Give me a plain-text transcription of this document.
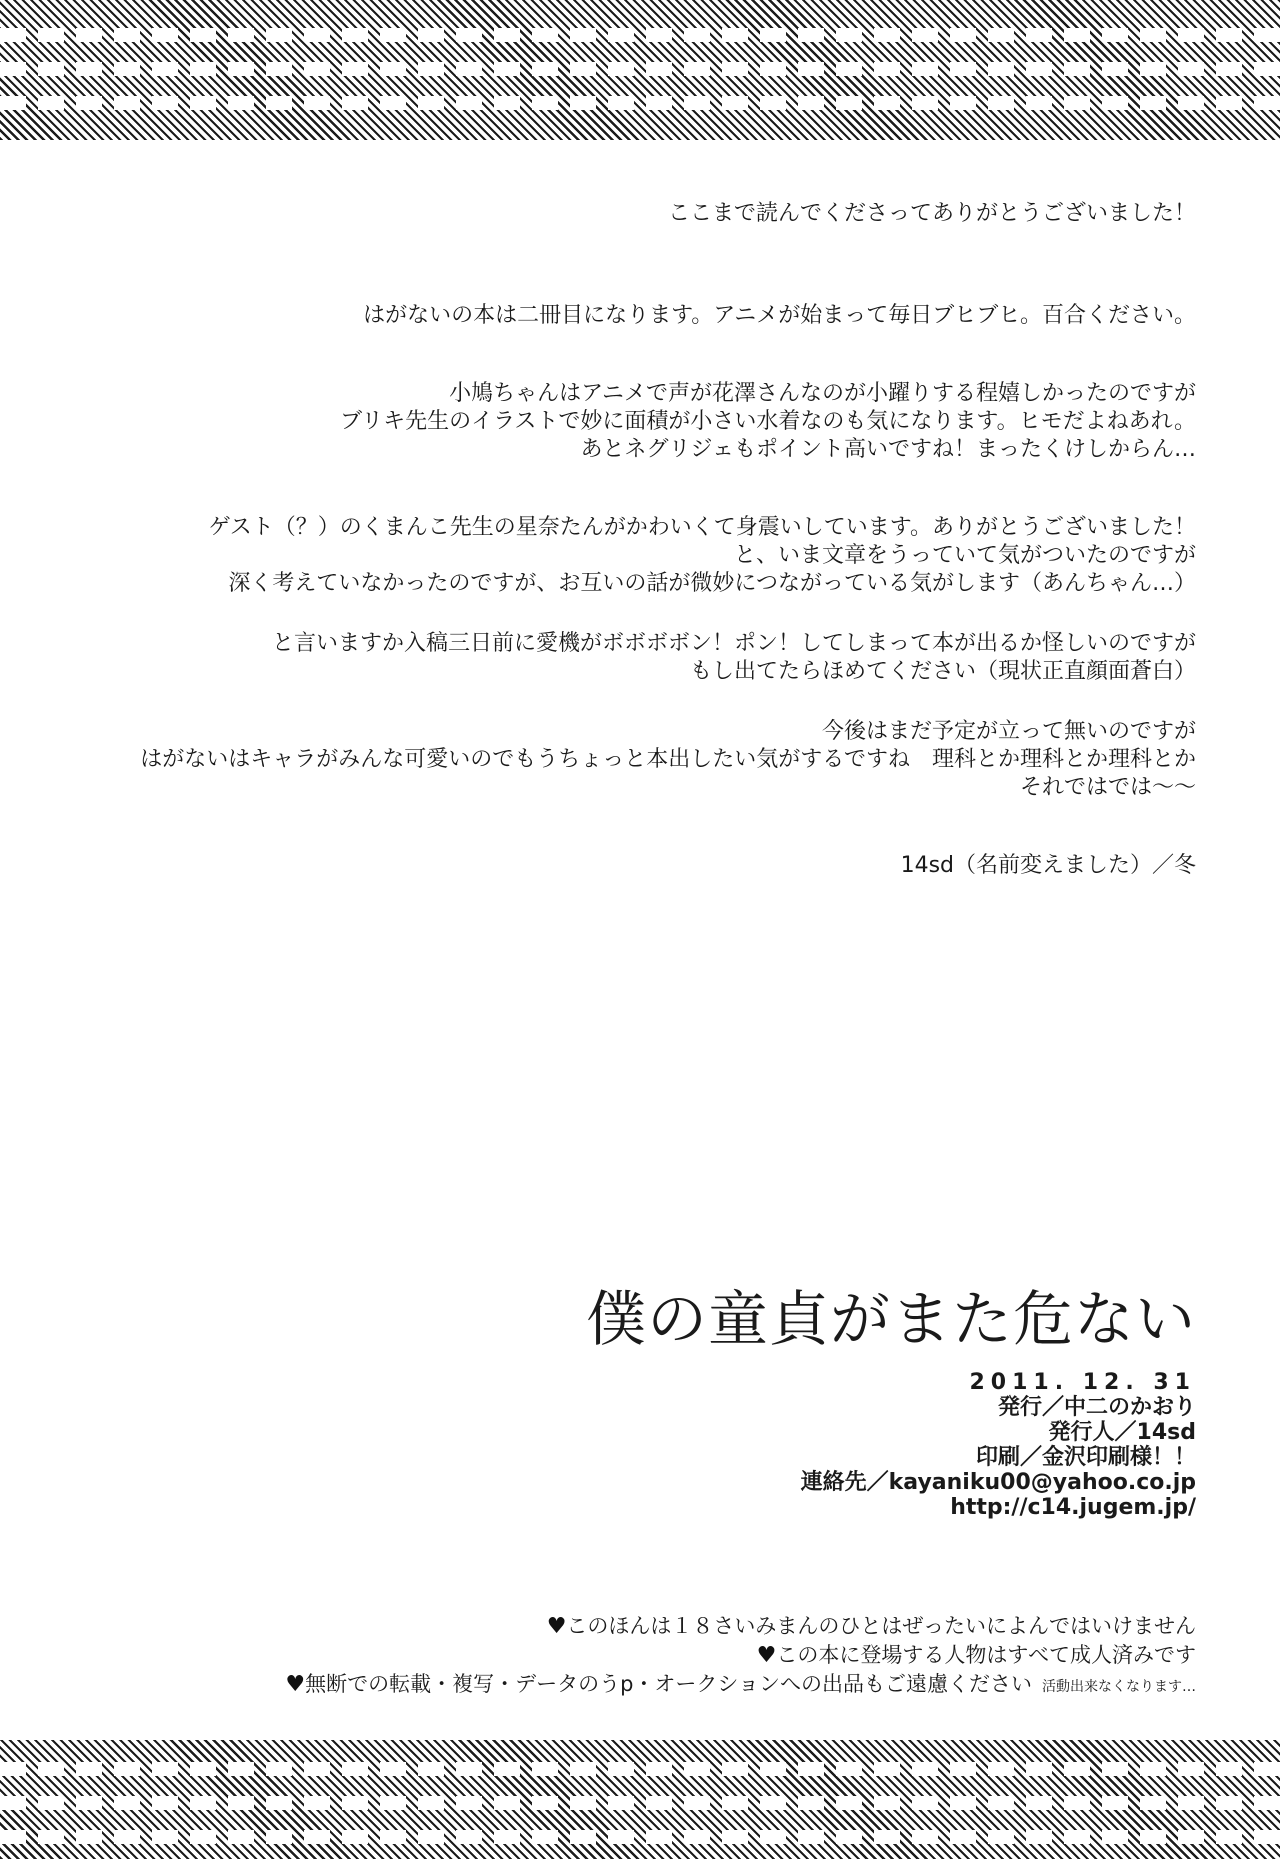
ここまで読んでくださってありがとうございました！
はがないの本は二冊目になります。アニメが始まって毎日ブヒブヒ。百合ください。
小鳩ちゃんはアニメで声が花澤さんなのが小躍りする程嬉しかったのですが
ブリキ先生のイラストで妙に面積が小さい水着なのも気になります。ヒモだよねあれ。
あとネグリジェもポイント高いですね！まったくけしからん…
ゲスト（？）のくまんこ先生の星奈たんがかわいくて身震いしています。ありがとうございました！
と、いま文章をうっていて気がついたのですが
深く考えていなかったのですが、お互いの話が微妙につながっている気がします（あんちゃん…）
と言いますか入稿三日前に愛機がボボボボン！ポン！してしまって本が出るか怪しいのですが
もし出てたらほめてください（現状正直顔面蒼白）
今後はまだ予定が立って無いのですが
はがないはキャラがみんな可愛いのでもうちょっと本出したい気がするですね　理科とか理科とか理科とか
それではでは〜〜
14sd（名前変えました）／冬
僕の童貞がまた危ない
2011. 12. 31
発行／中二のかおり
発行人／14sd
印刷／金沢印刷様！！
連絡先／kayaniku00@yahoo.co.jp
http://c14.jugem.jp/
♥このほんは１８さいみまんのひとはぜったいによんではいけません
♥この本に登場する人物はすべて成人済みです
♥無断での転載・複写・データのうp・オークションへの出品もご遠慮ください 活動出来なくなります…
